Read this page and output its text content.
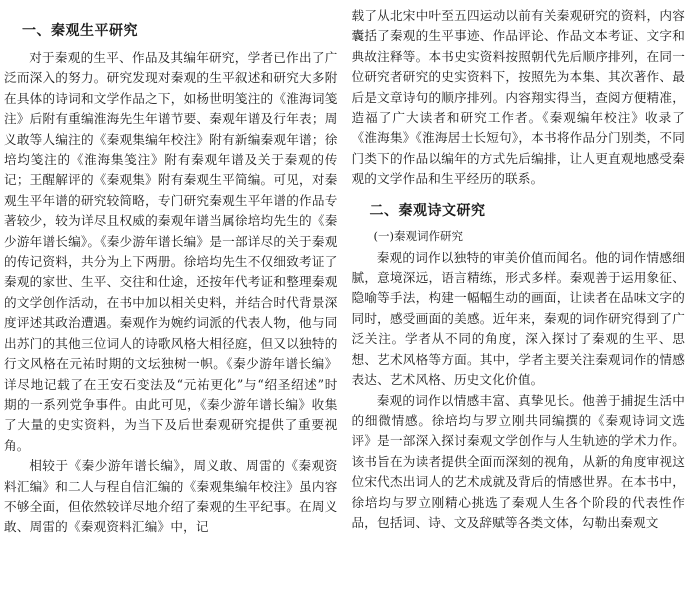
一、秦观生平研究

对于秦观的生平、作品及其编年研究，学者已作出了广泛而深入的努力。研究发现对秦观的生平叙述和研究大多附在具体的诗词和文学作品之下，如杨世明笺注的《淮海词笺注》后附有重编淮海先生年谱节要、秦观年谱及行年表；周义敢等人编注的《秦观集编年校注》附有新编秦观年谱；徐培均笺注的《淮海集笺注》附有秦观年谱及关于秦观的传记；王醒解评的《秦观集》附有秦观生平简编。可见，对秦观生平年谱的研究较简略，专门研究秦观生平年谱的作品专著较少，较为详尽且权威的秦观年谱当属徐培均先生的《秦少游年谱长编》。《秦少游年谱长编》是一部详尽的关于秦观的传记资料，共分为上下两册。徐培均先生不仅细致考证了秦观的家世、生平、交往和仕途，还按年代考证和整理秦观的文学创作活动，在书中加以相关史料，并结合时代背景深度评述其政治遭遇。秦观作为婉约词派的代表人物，他与同出苏门的其他三位词人的诗歌风格大相径庭，但又以独特的行文风格在元祐时期的文坛独树一帜。《秦少游年谱长编》详尽地记载了在王安石变法及“元祐更化”与“绍圣绍述”时期的一系列党争事件。由此可见，《秦少游年谱长编》收集了大量的史实资料，为当下及后世秦观研究提供了重要视角。

相较于《秦少游年谱长编》，周义敢、周雷的《秦观资料汇编》和二人与程自信汇编的《秦观集编年校注》虽内容不够全面，但依然较详尽地介绍了秦观的生平纪事。在周义敢、周雷的《秦观资料汇编》中，记

载了从北宋中叶至五四运动以前有关秦观研究的资料，内容囊括了秦观的生平事迹、作品评论、作品文本考证、文字和典故注释等。本书史实资料按照朝代先后顺序排列，在同一位研究者研究的史实资料下，按照先为本集、其次著作、最后是文章诗句的顺序排列。内容翔实得当，查阅方便精准，造福了广大读者和研究工作者。《秦观编年校注》收录了《淮海集》《淮海居士长短句》，本书将作品分门别类，不同门类下的作品以编年的方式先后编排，让人更直观地感受秦观的文学作品和生平经历的联系。

二、秦观诗文研究
(一)秦观词作研究

秦观的词作以独特的审美价值而闻名。他的词作情感细腻，意境深远，语言精练，形式多样。秦观善于运用象征、隐喻等手法，构建一幅幅生动的画面，让读者在品味文字的同时，感受画面的美感。近年来，秦观的词作研究得到了广泛关注。学者从不同的角度，深入探讨了秦观的生平、思想、艺术风格等方面。其中，学者主要关注秦观词作的情感表达、艺术风格、历史文化价值。

秦观的词作以情感丰富、真挚见长。他善于捕捉生活中的细微情感。徐培均与罗立刚共同编撰的《秦观诗词文选评》是一部深入探讨秦观文学创作与人生轨迹的学术力作。该书旨在为读者提供全面而深刻的视角，从新的角度审视这位宋代杰出词人的艺术成就及背后的情感世界。在本书中，徐培均与罗立刚精心挑选了秦观人生各个阶段的代表性作品，包括词、诗、文及辞赋等各类文体，勾勒出秦观文
